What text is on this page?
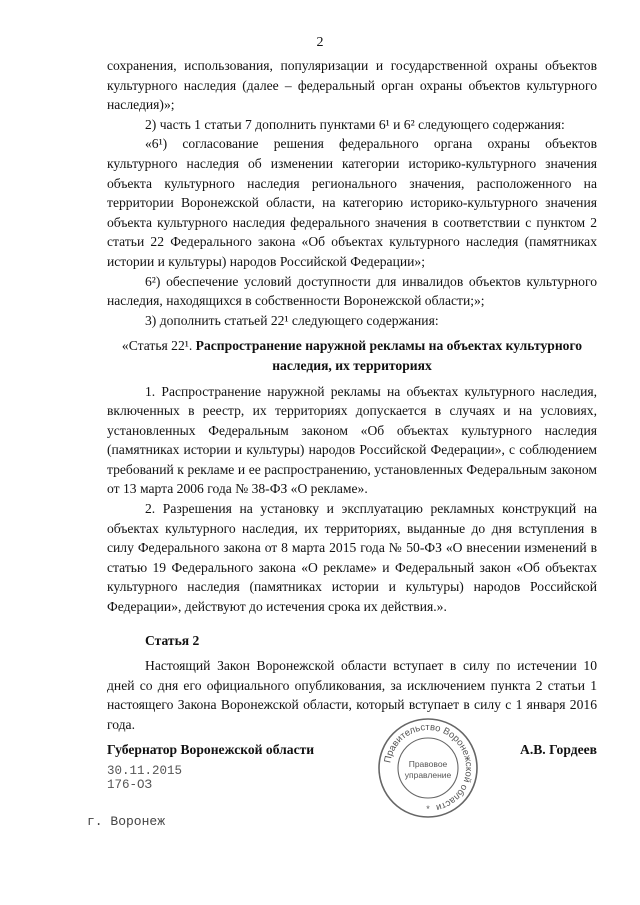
2

сохранения, использования, популяризации и государственной охраны объектов культурного наследия (далее – федеральный орган охраны объектов культурного наследия)»;

2) часть 1 статьи 7 дополнить пунктами 6¹ и 6² следующего содержания:

«6¹) согласование решения федерального органа охраны объектов культурного наследия об изменении категории историко-культурного значения объекта культурного наследия регионального значения, расположенного на территории Воронежской области, на категорию историко-культурного значения объекта культурного наследия федерального значения в соответствии с пунктом 2 статьи 22 Федерального закона «Об объектах культурного наследия (памятниках истории и культуры) народов Российской Федерации»;

6²) обеспечение условий доступности для инвалидов объектов культурного наследия, находящихся в собственности Воронежской области;»;

3) дополнить статьей 22¹ следующего содержания:

«Статья 22¹. Распространение наружной рекламы на объектах культурного наследия, их территориях

1. Распространение наружной рекламы на объектах культурного наследия, включенных в реестр, их территориях допускается в случаях и на условиях, установленных Федеральным законом «Об объектах культурного наследия (памятниках истории и культуры) народов Российской Федерации», с соблюдением требований к рекламе и ее распространению, установленных Федеральным законом от 13 марта 2006 года № 38-ФЗ «О рекламе».

2. Разрешения на установку и эксплуатацию рекламных конструкций на объектах культурного наследия, их территориях, выданные до дня вступления в силу Федерального закона от 8 марта 2015 года № 50-ФЗ «О внесении изменений в статью 19 Федерального закона «О рекламе» и Федеральный закон «Об объектах культурного наследия (памятниках истории и культуры) народов Российской Федерации», действуют до истечения срока их действия.».

Статья 2

Настоящий Закон Воронежской области вступает в силу по истечении 10 дней со дня его официального опубликования, за исключением пункта 2 статьи 1 настоящего Закона Воронежской области, который вступает в силу с 1 января 2016 года.

Губернатор Воронежской области	А.В. Гордеев
30.11.2015
176-ОЗ
г. Воронеж
Правительство Воронежской области
Правовое
управление
*
